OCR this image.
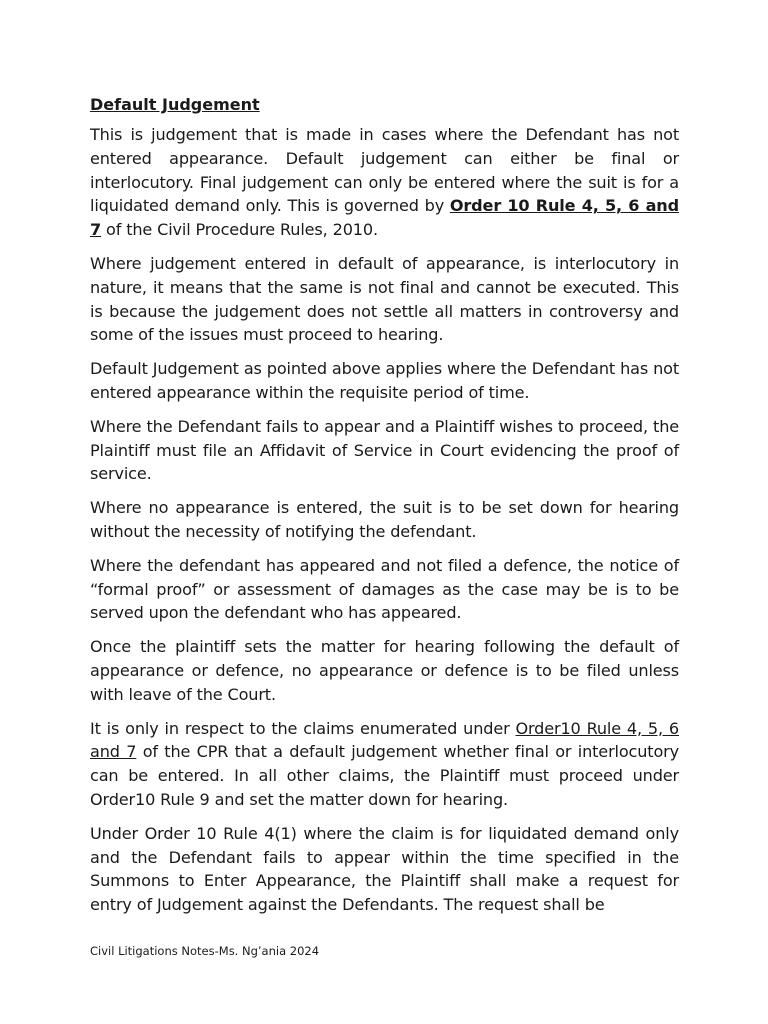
Default Judgement
This is judgement that is made in cases where the Defendant has not entered appearance. Default judgement can either be final or interlocutory. Final judgement can only be entered where the suit is for a liquidated demand only. This is governed by Order 10 Rule 4, 5, 6 and 7 of the Civil Procedure Rules, 2010.
Where judgement entered in default of appearance, is interlocutory in nature, it means that the same is not final and cannot be executed. This is because the judgement does not settle all matters in controversy and some of the issues must proceed to hearing.
Default Judgement as pointed above applies where the Defendant has not entered appearance within the requisite period of time.
Where the Defendant fails to appear and a Plaintiff wishes to proceed, the Plaintiff must file an Affidavit of Service in Court evidencing the proof of service.
Where no appearance is entered, the suit is to be set down for hearing without the necessity of notifying the defendant.
Where the defendant has appeared and not filed a defence, the notice of “formal proof” or assessment of damages as the case may be is to be served upon the defendant who has appeared.
Once the plaintiff sets the matter for hearing following the default of appearance or defence, no appearance or defence is to be filed unless with leave of the Court.
It is only in respect to the claims enumerated under Order10 Rule 4, 5, 6 and 7 of the CPR that a default judgement whether final or interlocutory can be entered. In all other claims, the Plaintiff must proceed under Order10 Rule 9 and set the matter down for hearing.
Under Order 10 Rule 4(1) where the claim is for liquidated demand only and the Defendant fails to appear within the time specified in the Summons to Enter Appearance, the Plaintiff shall make a request for entry of Judgement against the Defendants. The request shall be
Civil Litigations Notes-Ms. Ng’ania 2024
